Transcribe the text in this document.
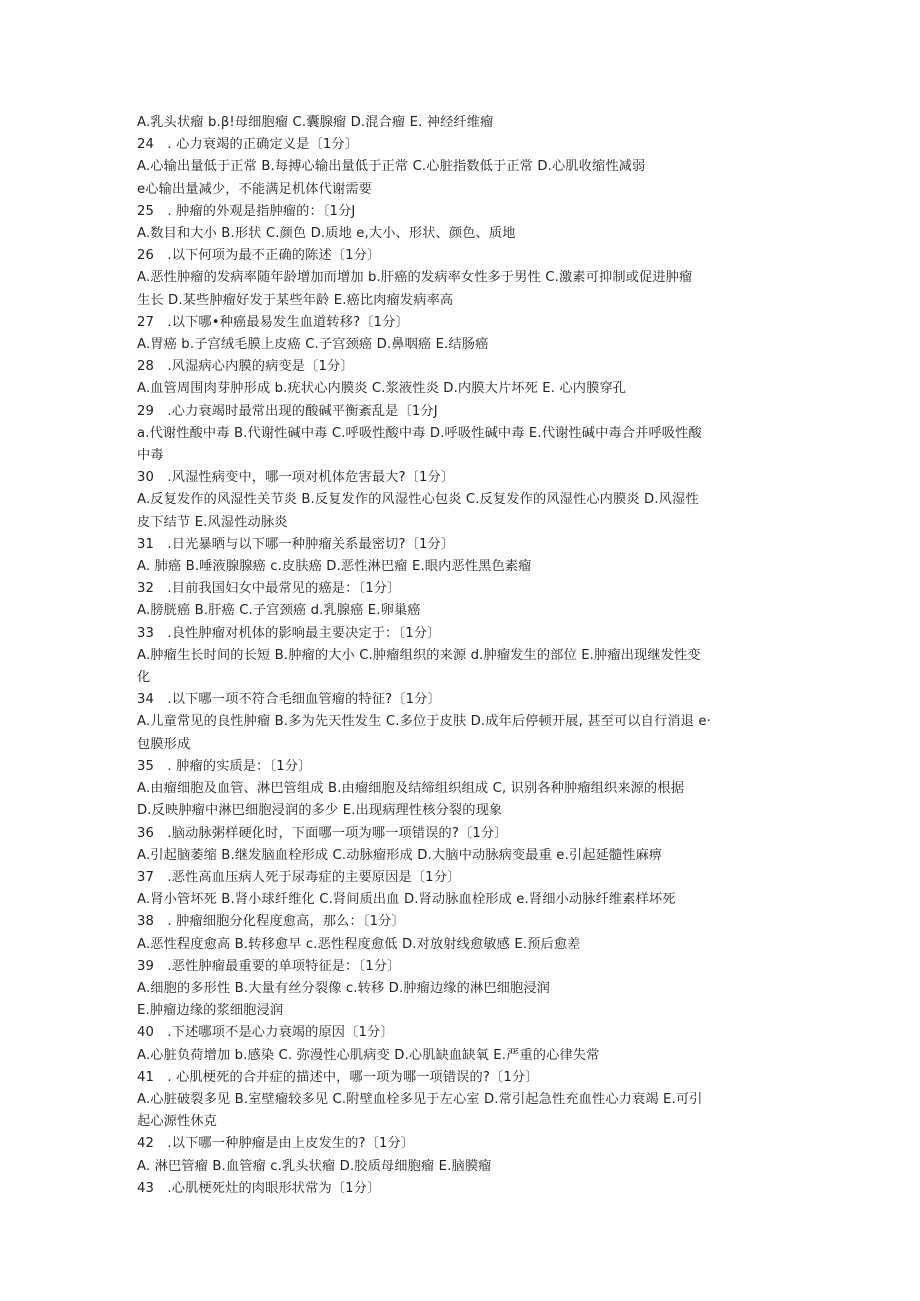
A.乳头状瘤 b.β!母细胞瘤 C.囊腺瘤 D.混合瘤 E. 神经纤维瘤
24　. 心力衰竭的正确定义是〔1分〕
A.心输出量低于正常 B.每搏心输出量低于正常 C.心脏指数低于正常 D.心肌收缩性减弱
e心输出量减少，不能满足机体代谢需要
25　. 肿瘤的外观是指肿瘤的：〔1分J
A.数目和大小 B.形状 C.颜色 D.质地 e,大小、形状、颜色、质地
26　.以下何项为最不正确的陈述〔1分〕
A.恶性肿瘤的发病率随年龄增加而增加 b.肝癌的发病率女性多于男性 C.激素可抑制或促进肿瘤
生长 D.某些肿瘤好发于某些年龄 E.癌比肉瘤发病率高
27　.以下哪•种癌最易发生血道转移?〔1分〕
A.胃癌 b.子宫绒毛膜上皮癌 C.子宫颈癌 D.鼻咽癌 E.结肠癌
28　.风湿病心内膜的病变是〔1分〕
A.血管周围肉芽肿形成 b.疣状心内膜炎 C.浆液性炎 D.内膜大片坏死 E. 心内膜穿孔
29　.心力衰竭时最常出现的酸碱平衡紊乱是〔1分J
a.代谢性酸中毒 B.代谢性碱中毒 C.呼吸性酸中毒 D.呼吸性碱中毒 E.代谢性碱中毒合并呼吸性酸
中毒
30　.风湿性病变中，哪一项对机体危害最大?〔1分〕
A.反复发作的风湿性关节炎 B.反复发作的风湿性心包炎 C.反复发作的风湿性心内膜炎 D.风湿性
皮下结节 E.风湿性动脉炎
31　.日光暴晒与以下哪一种肿瘤关系最密切?〔1分〕
A. 肺癌 B.唾液腺腺癌 c.皮肤癌 D.恶性淋巴瘤 E.眼内恶性黑色素瘤
32　.目前我国妇女中最常见的癌是：〔1分〕
A.膀胱癌 B.肝癌 C.子宫颈癌 d.乳腺癌 E.卵巢癌
33　.良性肿瘤对机体的影响最主要决定于：〔1分〕
A.肿瘤生长时间的长短 B.肿瘤的大小 C.肿瘤组织的来源 d.肿瘤发生的部位 E.肿瘤出现继发性变
化
34　.以下哪一项不符合毛细血管瘤的特征?〔1分〕
A.儿童常见的良性肿瘤 B.多为先天性发生 C.多位于皮肤 D.成年后停顿开展, 甚至可以自行消退 e·
包膜形成
35　. 肿瘤的实质是：〔1分〕
A.由瘤细胞及血管、淋巴管组成 B.由瘤细胞及结缔组织组成 C, 识别各种肿瘤组织来源的根据
D.反映肿瘤中淋巴细胞浸润的多少 E.出现病理性核分裂的现象
36　.脑动脉粥样硬化时，下面哪一项为哪一项错误的?〔1分〕
A.引起脑萎缩 B.继发脑血栓形成 C.动脉瘤形成 D.大脑中动脉病变最重 e.引起延髓性麻痹
37　.恶性高血压病人死于尿毒症的主要原因是〔1分〕
A.肾小管坏死 B.肾小球纤维化 C.肾间质出血 D.肾动脉血栓形成 e.肾细小动脉纤维素样坏死
38　. 肿瘤细胞分化程度愈高，那么：〔1分〕
A.恶性程度愈高 B.转移愈早 c.恶性程度愈低 D.对放射线愈敏感 E.预后愈差
39　.恶性肿瘤最重要的单项特征是：〔1分〕
A.细胞的多形性 B.大量有丝分裂像 c.转移 D.肿瘤边缘的淋巴细胞浸润
E.肿瘤边缘的浆细胞浸润
40　.下述哪项不是心力衰竭的原因〔1分〕
A.心脏负荷增加 b.感染 C. 弥漫性心肌病变 D.心肌缺血缺氧 E.严重的心律失常
41　. 心肌梗死的合并症的描述中，哪一项为哪一项错误的?〔1分〕
A.心脏破裂多见 B.室壁瘤较多见 C.附壁血栓多见于左心室 D.常引起急性充血性心力衰竭 E.可引
起心源性休克
42　.以下哪一种肿瘤是由上皮发生的?〔1分〕
A. 淋巴管瘤 B.血管瘤 c.乳头状瘤 D.胶质母细胞瘤 E.脑膜瘤
43　.心肌梗死灶的肉眼形状常为〔1分〕
